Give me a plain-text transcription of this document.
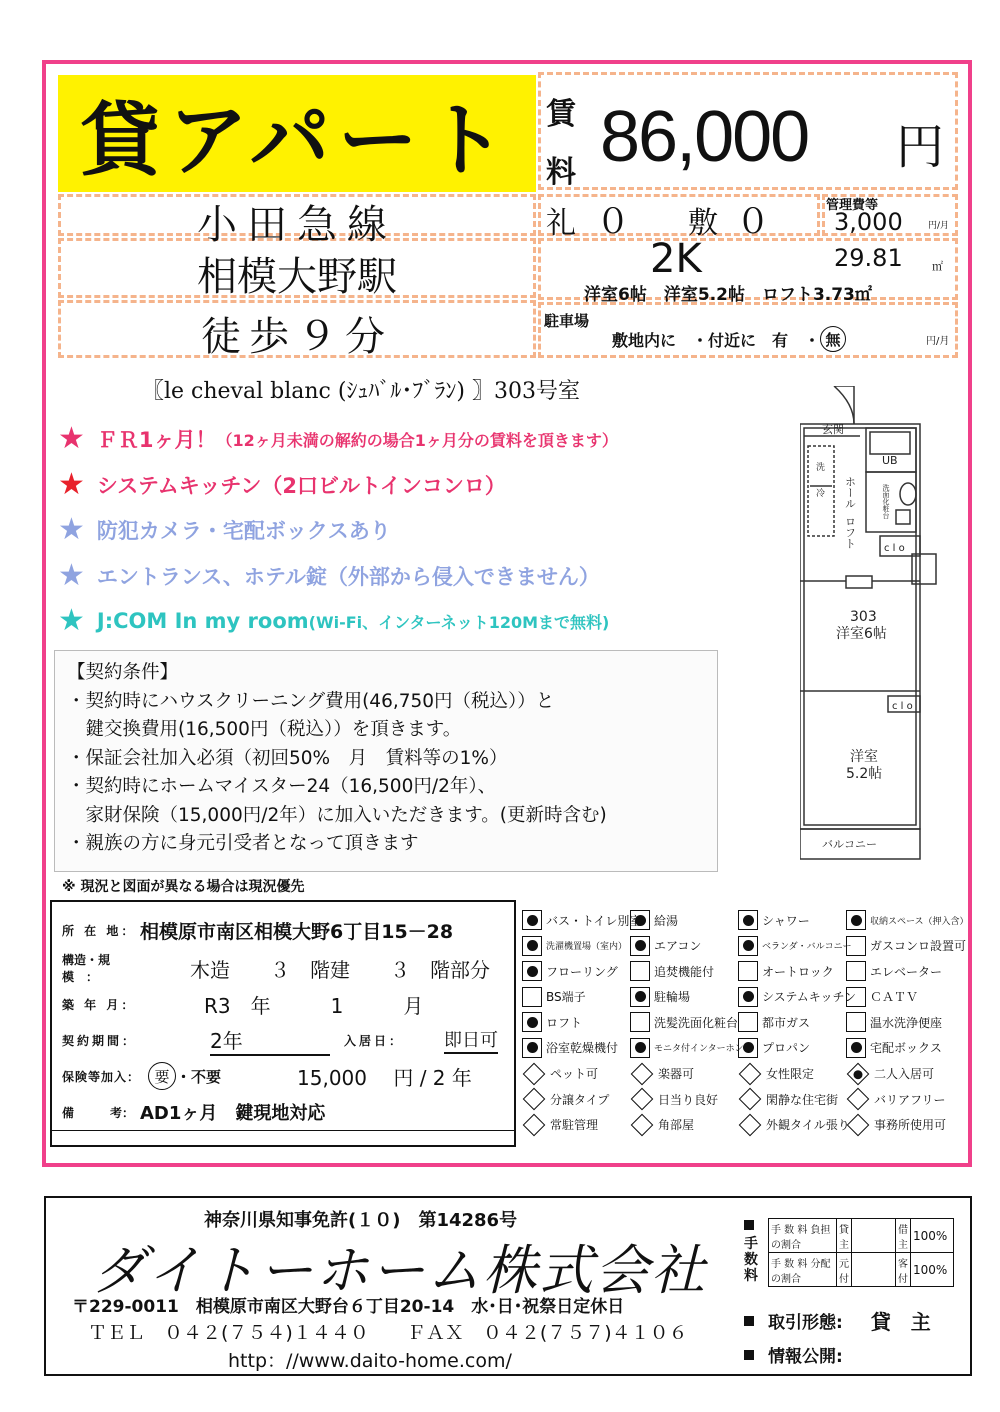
貸アパート 賃
料 86,000 円
小田急線
相模大野駅
徒歩９分
礼 ０ 敷 ０	管理費等
3,000	円/月
2K	29.81	㎡
洋室6帖　洋室5.2帖　ロフト3.73㎡
駐車場
敷地内に　・付近に　有　・ 無	円/月
〖le cheval blanc (ｼｭﾊﾞﾙ･ﾌﾞﾗﾝ) 〗303号室
★ ＦＲ1ヶ月！ （12ヶ月未満の解約の場合1ヶ月分の賃料を頂きます）
★ システムキッチン（2口ビルトインコンロ）
★ 防犯カメラ・宅配ボックスあり
★ エントランス、ホテル錠（外部から侵入できません）
★ J:COM In my room (Wi-Fi、インターネット120Mまで無料)
【契約条件】
・契約時にハウスクリーニング費用(46,750円（税込））と
　鍵交換費用(16,500円（税込））を頂きます。
・保証会社加入必須（初回50%　月　賃料等の1%）
・契約時にホームマイスター24（16,500円/2年）、
　家財保険（15,000円/2年）に加入いただきます。(更新時含む)
・親族の方に身元引受者となって頂きます
※ 現況と図面が異なる場合は現況優先
玄関
UB
洗
冷 ホール
ロフト
洗面化粧台
c l o
c l o
303
洋室6帖
洋室
5.2帖
バルコニー
所 在 地： 相模原市南区相模大野6丁目15－28
構造・規模　：	木造　　３　階建　　３　階部分
築 年 月：	R3　年　　　1　　　月
契約期間：	2年	入居日： 即日可
保険等加入： 要 ・不要	15,000　 円 / 2 年
備　　　考： AD1ヶ月　鍵現地対応
バス・トイレ別室 給湯	シャワー	収納スペース（押入含）
洗濯機置場（室内） エアコン	ベランダ・バルコニー ガスコンロ設置可
フローリング	追焚機能付	オートロック	エレベーター
BS端子	駐輪場	システムキッチン ＣＡＴＶ
ロフト	洗髪洗面化粧台 都市ガス	温水洗浄便座
浴室乾燥機付	モニタ付インターホン プロパン	宅配ボックス
ペット可	楽器可	女性限定	二人入居可
分譲タイプ	日当り良好	閑静な住宅街	バリアフリー
常駐管理	角部屋	外観タイル張り 事務所使用可
神奈川県知事免許(１０)　第14286号
ダイトーホーム株式会社
〒229-0011　相模原市南区大野台６丁目20-14　水･日･祝祭日定休日
ＴＥＬ　０４２(７５４)１４４０　　ＦＡＸ　０４２(７５７)４１０６
http：//www.daito-home.com/
手数料
手 数 料 負担の割合	貸主		借主	100%
手 数 料 分配の割合	元付		客付	100%
取引形態: 貸　主
情報公開:
